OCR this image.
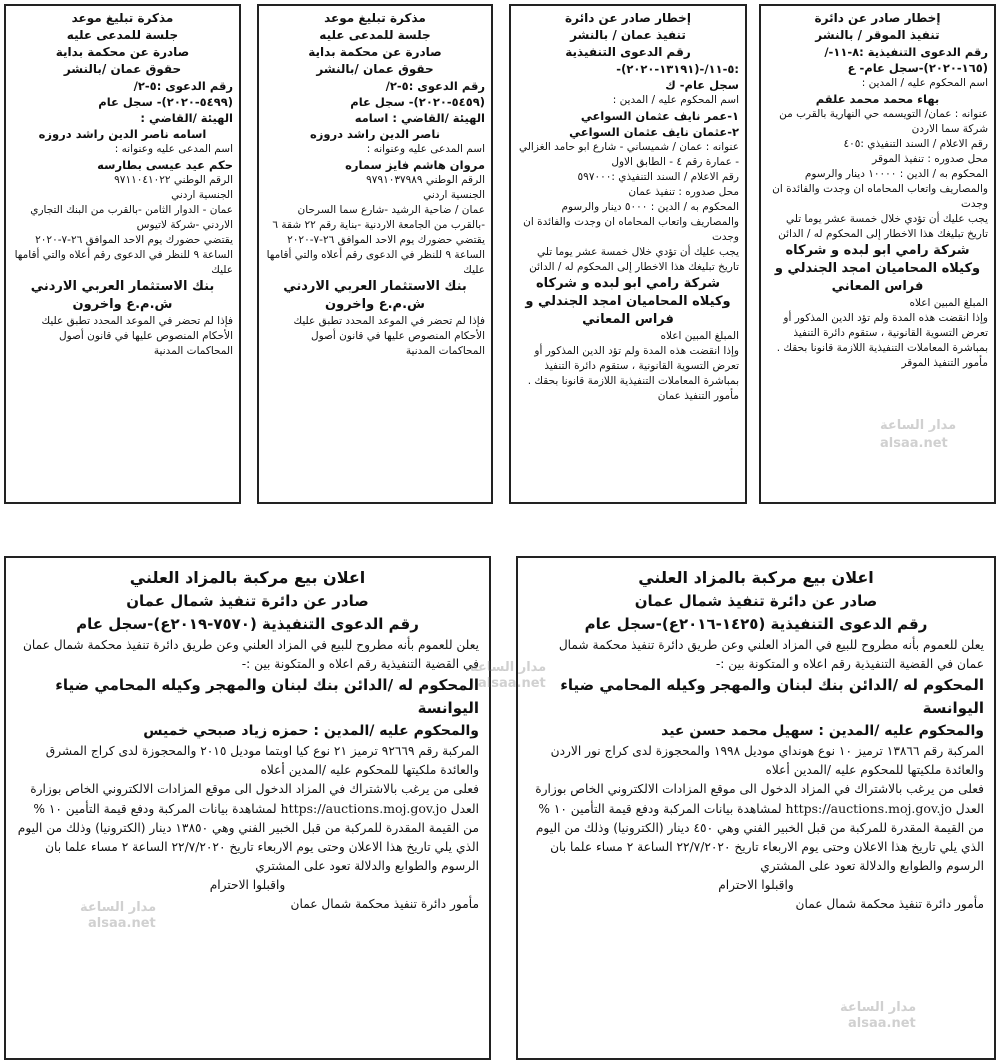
إخطار صادر عن دائرة
تنفيذ الموقر / بالنشر
رقم الدعوى التنفيذية :٨-١١-/
(١٦٥-٢٠٢٠)-سجل عام- ع
اسم المحكوم عليه / المدين :
بهاء محمد محمد علقم
عنوانه : عمان/ التويسمه حي النهارية بالقرب من شركة سما الاردن
رقم الاعلام / السند التنفيذي :٤٠٥
محل صدوره : تنفيذ الموقر
المحكوم به / الدين : ١٠٠٠٠ دينار والرسوم والمصاريف واتعاب المحاماه ان وجدت والفائدة ان وجدت
يجب عليك أن تؤدي خلال خمسة عشر يوما تلي تاريخ تبليغك هذا الاخطار إلى المحكوم له / الدائن
شركة رامي ابو لبده و شركاه وكيلاه المحاميان امجد الجندلي و فراس المعاني
المبلغ المبين اعلاه
وإذا انقضت هذه المدة ولم تؤد الدين المذكور أو تعرض التسوية القانونية ، ستقوم دائرة التنفيذ بمباشرة المعاملات التنفيذية اللازمة قانونا بحقك .
مأمور التنفيذ الموقر
إخطار صادر عن دائرة
تنفيذ عمان / بالنشر
رقم الدعوى التنفيذية
:٥-١١/-(١٣١٩١-٢٠٢٠)-
سجل عام- ك
اسم المحكوم عليه / المدين :
١-عمر نايف عثمان السواعي
٢-عثمان نايف عثمان السواعي
عنوانه : عمان / شميساني - شارع ابو حامد الغزالي - عمارة رقم ٤ - الطابق الاول
رقم الاعلام / السند التنفيذي :٥٩٧٠٠٠
محل صدوره : تنفيذ عمان
المحكوم به / الدين : ٥٠٠٠ دينار والرسوم والمصاريف واتعاب المحاماه ان وجدت والفائدة ان وجدت
يجب عليك أن تؤدي خلال خمسة عشر يوما تلي تاريخ تبليغك هذا الاخطار إلى المحكوم له / الدائن
شركة رامي ابو لبده و شركاه وكيلاه المحاميان امجد الجندلي و فراس المعاني
المبلغ المبين اعلاه
وإذا انقضت هذه المدة ولم تؤد الدين المذكور أو تعرض التسوية القانونية ، ستقوم دائرة التنفيذ بمباشرة المعاملات التنفيذية اللازمة قانونا بحقك .
مأمور التنفيذ عمان
مذكرة تبليغ موعد
جلسة للمدعى عليه
صادرة عن محكمة بداية
حقوق عمان /بالنشر
رقم الدعوى :٥-٢/
(٥٤٥٩-٢٠٢٠)- سجل عام
الهيئة /القاضي : اسامه
ناصر الدين راشد دروزه
اسم المدعى عليه وعنوانه :
مروان هاشم فايز سماره
الرقم الوطني ٩٧٩١٠٣٧٩٨٩
الجنسية اردني
عمان / ضاحية الرشيد -شارع سما السرحان -بالقرب من الجامعة الاردنية -بناية رقم ٢٢ شقة ٦
يقتضي حضورك يوم الاحد الموافق ٢٦-٧-٢٠٢٠ الساعة ٩ للنظر في الدعوى رقم أعلاه والتي أقامها عليك
بنك الاستثمار العربي الاردني ش.م.ع واخرون
فإذا لم تحضر في الموعد المحدد تطبق عليك الأحكام المنصوص عليها في قانون أصول المحاكمات المدنية
مذكرة تبليغ موعد
جلسة للمدعى عليه
صادرة عن محكمة بداية
حقوق عمان /بالنشر
رقم الدعوى :٥-٢/
(٥٤٩٩-٢٠٢٠)- سجل عام
الهيئة /القاضي :
اسامه ناصر الدين راشد دروزه
اسم المدعى عليه وعنوانه :
حكم عيد عيسى بطارسه
الرقم الوطني ٩٧١١٠٤١٠٢٢
الجنسية اردني
عمان - الدوار الثامن -بالقرب من البنك التجاري الاردني -شركة لاتيوس
يقتضي حضورك يوم الاحد الموافق ٢٦-٧-٢٠٢٠ الساعة ٩ للنظر في الدعوى رقم أعلاه والتي أقامها عليك
بنك الاستثمار العربي الاردني ش.م.ع واخرون
فإذا لم تحضر في الموعد المحدد تطبق عليك الأحكام المنصوص عليها في قانون أصول المحاكمات المدنية
اعلان بيع مركبة بالمزاد العلني
صادر عن دائرة تنفيذ شمال عمان
رقم الدعوى التنفيذية (١٤٢٥-٢٠١٦ع)-سجل عام
يعلن للعموم بأنه مطروح للبيع في المزاد العلني وعن طريق دائرة تنفيذ محكمة شمال عمان في القضية التنفيذية رقم اعلاه و المتكونة بين :-
المحكوم له /الدائن بنك لبنان والمهجر وكيله المحامي ضياء اليوانسة
والمحكوم عليه /المدين : سهيل محمد حسن عيد
المركبة رقم ١٣٨٦٦ ترميز ١٠ نوع هونداي موديل ١٩٩٨ والمحجوزة لدى كراج نور الاردن
والعائدة ملكيتها للمحكوم عليه /المدين أعلاه
فعلى من يرغب بالاشتراك في المزاد الدخول الى موقع المزادات الالكتروني الخاص بوزارة العدل https://auctions.moj.gov.jo لمشاهدة بيانات المركبة ودفع قيمة التأمين ١٠ % من القيمة المقدرة للمركبة من قبل الخبير الفني وهي ٤٥٠ دينار (الكترونيا) وذلك من اليوم الذي يلي تاريخ هذا الاعلان وحتى يوم الاربعاء تاريخ ٢٢/٧/٢٠٢٠ الساعة ٢ مساء علما بان الرسوم والطوابع والدلالة تعود على المشتري
واقبلوا الاحترام
مأمور دائرة تنفيذ محكمة شمال عمان
اعلان بيع مركبة بالمزاد العلني
صادر عن دائرة تنفيذ شمال عمان
رقم الدعوى التنفيذية (٧٥٧٠-٢٠١٩ع)-سجل عام
يعلن للعموم بأنه مطروح للبيع في المزاد العلني وعن طريق دائرة تنفيذ محكمة شمال عمان في القضية التنفيذية رقم اعلاه و المتكونة بين :-
المحكوم له /الدائن بنك لبنان والمهجر وكيله المحامي ضياء اليوانسة
والمحكوم عليه /المدين : حمزه زياد صبحي خميس
المركبة رقم ٩٢٦٦٩ ترميز ٢١ نوع كيا اوبتما موديل ٢٠١٥ والمحجوزة لدى كراج المشرق
والعائدة ملكيتها للمحكوم عليه /المدين أعلاه
فعلى من يرغب بالاشتراك في المزاد الدخول الى موقع المزادات الالكتروني الخاص بوزارة العدل https://auctions.moj.gov.jo لمشاهدة بيانات المركبة ودفع قيمة التأمين ١٠ % من القيمة المقدرة للمركبة من قبل الخبير الفني وهي ١٣٨٥٠ دينار (الكترونيا) وذلك من اليوم الذي يلي تاريخ هذا الاعلان وحتى يوم الاربعاء تاريخ ٢٢/٧/٢٠٢٠ الساعة ٢ مساء علما بان الرسوم والطوابع والدلالة تعود على المشتري
واقبلوا الاحترام
مأمور دائرة تنفيذ محكمة شمال عمان
مدار الساعة
alsaa.net
مدار الساعة
alsaa.net
مدار الساعة
alsaa.net
مدار الساعة
alsaa.net
